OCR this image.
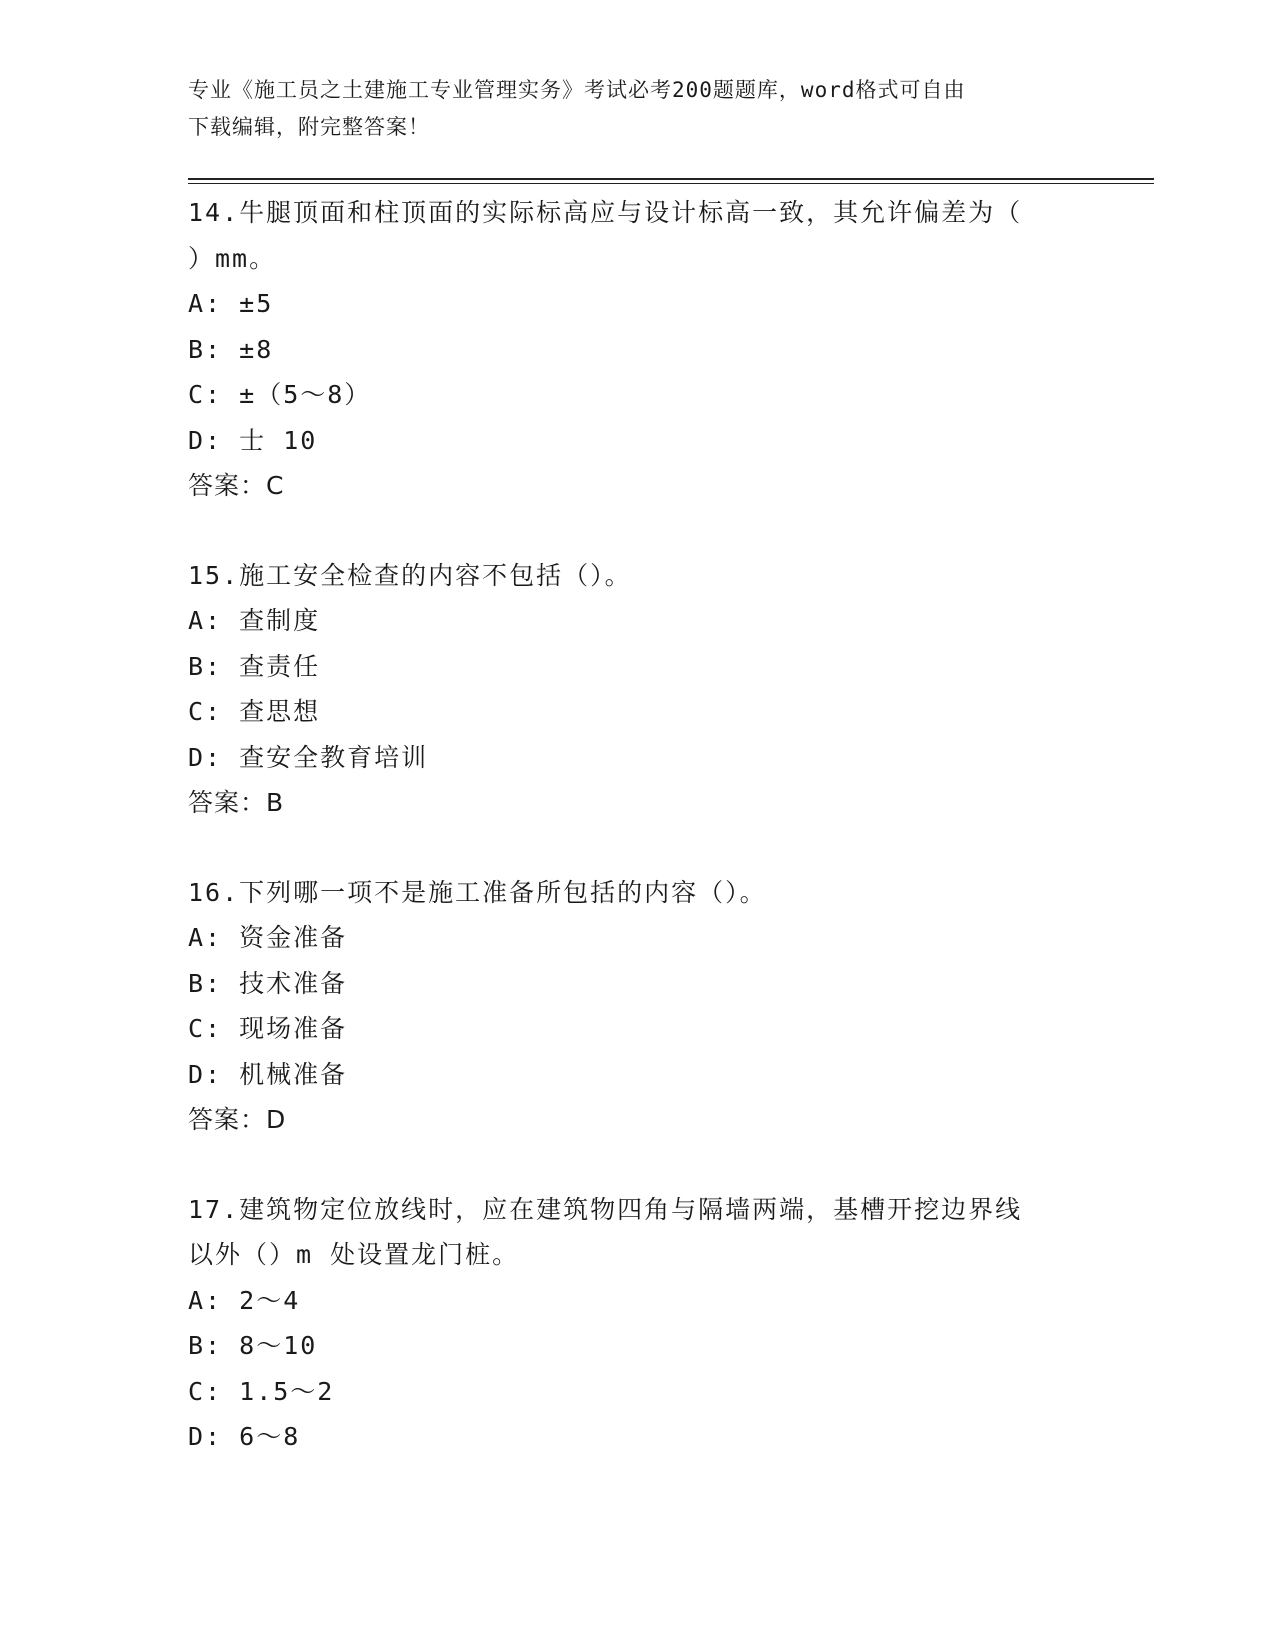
专业《施工员之土建施工专业管理实务》考试必考200题题库，word格式可自由
下载编辑，附完整答案！
14.牛腿顶面和柱顶面的实际标高应与设计标高一致，其允许偏差为（
）mm。
A: ±5
B: ±8
C: ±（5～8）
D: 士 10
答案：C
15.施工安全检查的内容不包括（）。
A: 查制度
B: 查责任
C: 查思想
D: 查安全教育培训
答案：B
16.下列哪一项不是施工准备所包括的内容（）。
A: 资金准备
B: 技术准备
C: 现场准备
D: 机械准备
答案：D
17.建筑物定位放线时，应在建筑物四角与隔墙两端，基槽开挖边界线
以外（）m 处设置龙门桩。
A: 2～4
B: 8～10
C: 1.5～2
D: 6～8
